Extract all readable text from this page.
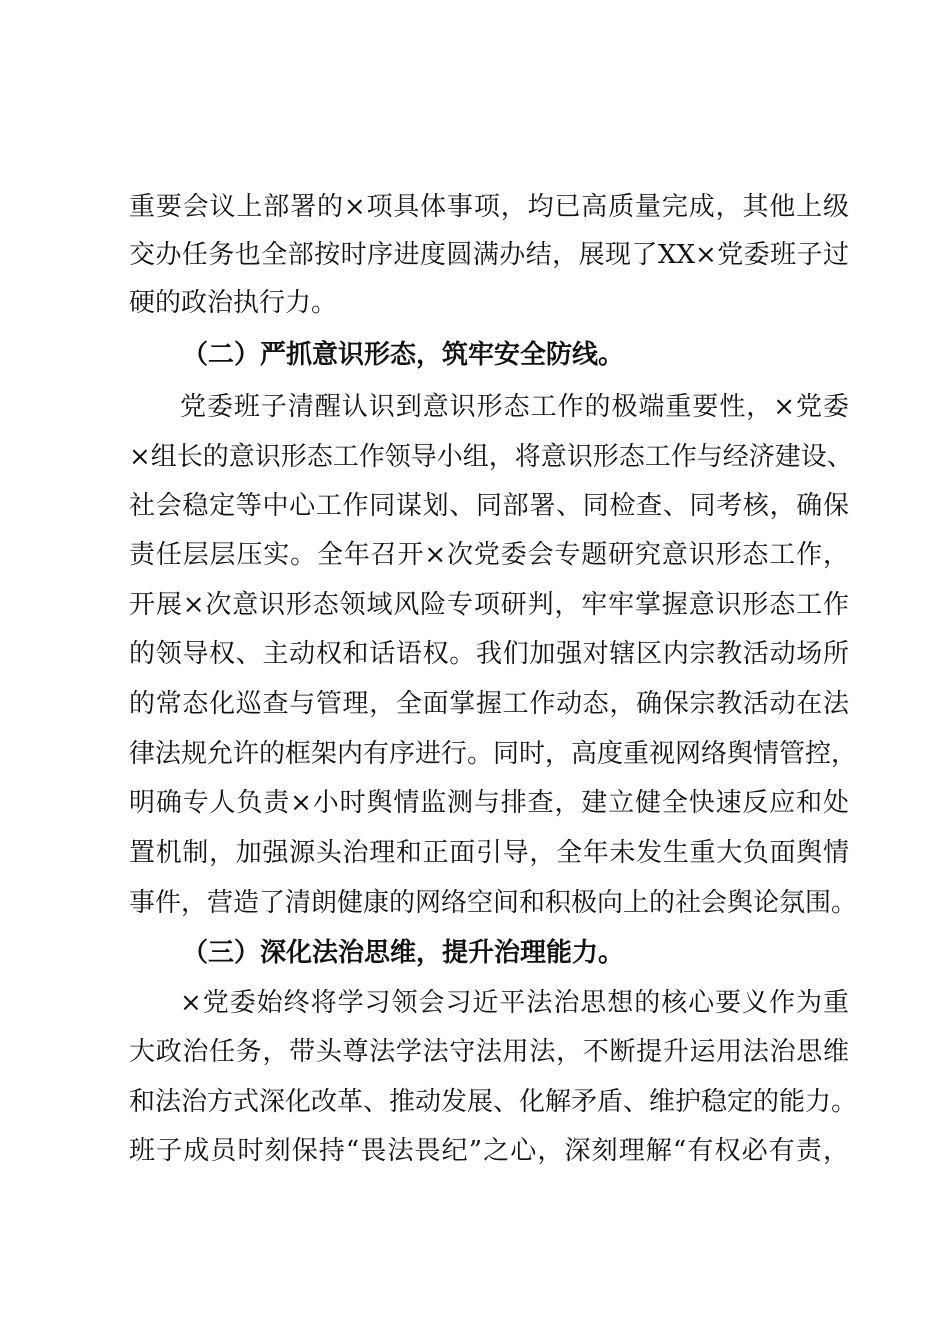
重要会议上部署的×项具体事项，均已高质量完成，其他上级
交办任务也全部按时序进度圆满办结，展现了XX×党委班子过
硬的政治执行力。
（二）严抓意识形态，筑牢安全防线。
党委班子清醒认识到意识形态工作的极端重要性，×党委
×组长的意识形态工作领导小组，将意识形态工作与经济建设、
社会稳定等中心工作同谋划、同部署、同检查、同考核，确保
责任层层压实。全年召开×次党委会专题研究意识形态工作，
开展×次意识形态领域风险专项研判，牢牢掌握意识形态工作
的领导权、主动权和话语权。我们加强对辖区内宗教活动场所
的常态化巡查与管理，全面掌握工作动态，确保宗教活动在法
律法规允许的框架内有序进行。同时，高度重视网络舆情管控，
明确专人负责×小时舆情监测与排查，建立健全快速反应和处
置机制，加强源头治理和正面引导，全年未发生重大负面舆情
事件，营造了清朗健康的网络空间和积极向上的社会舆论氛围。
（三）深化法治思维，提升治理能力。
×党委始终将学习领会习近平法治思想的核心要义作为重
大政治任务，带头尊法学法守法用法，不断提升运用法治思维
和法治方式深化改革、推动发展、化解矛盾、维护稳定的能力。
班子成员时刻保持“畏法畏纪”之心，深刻理解“有权必有责，
